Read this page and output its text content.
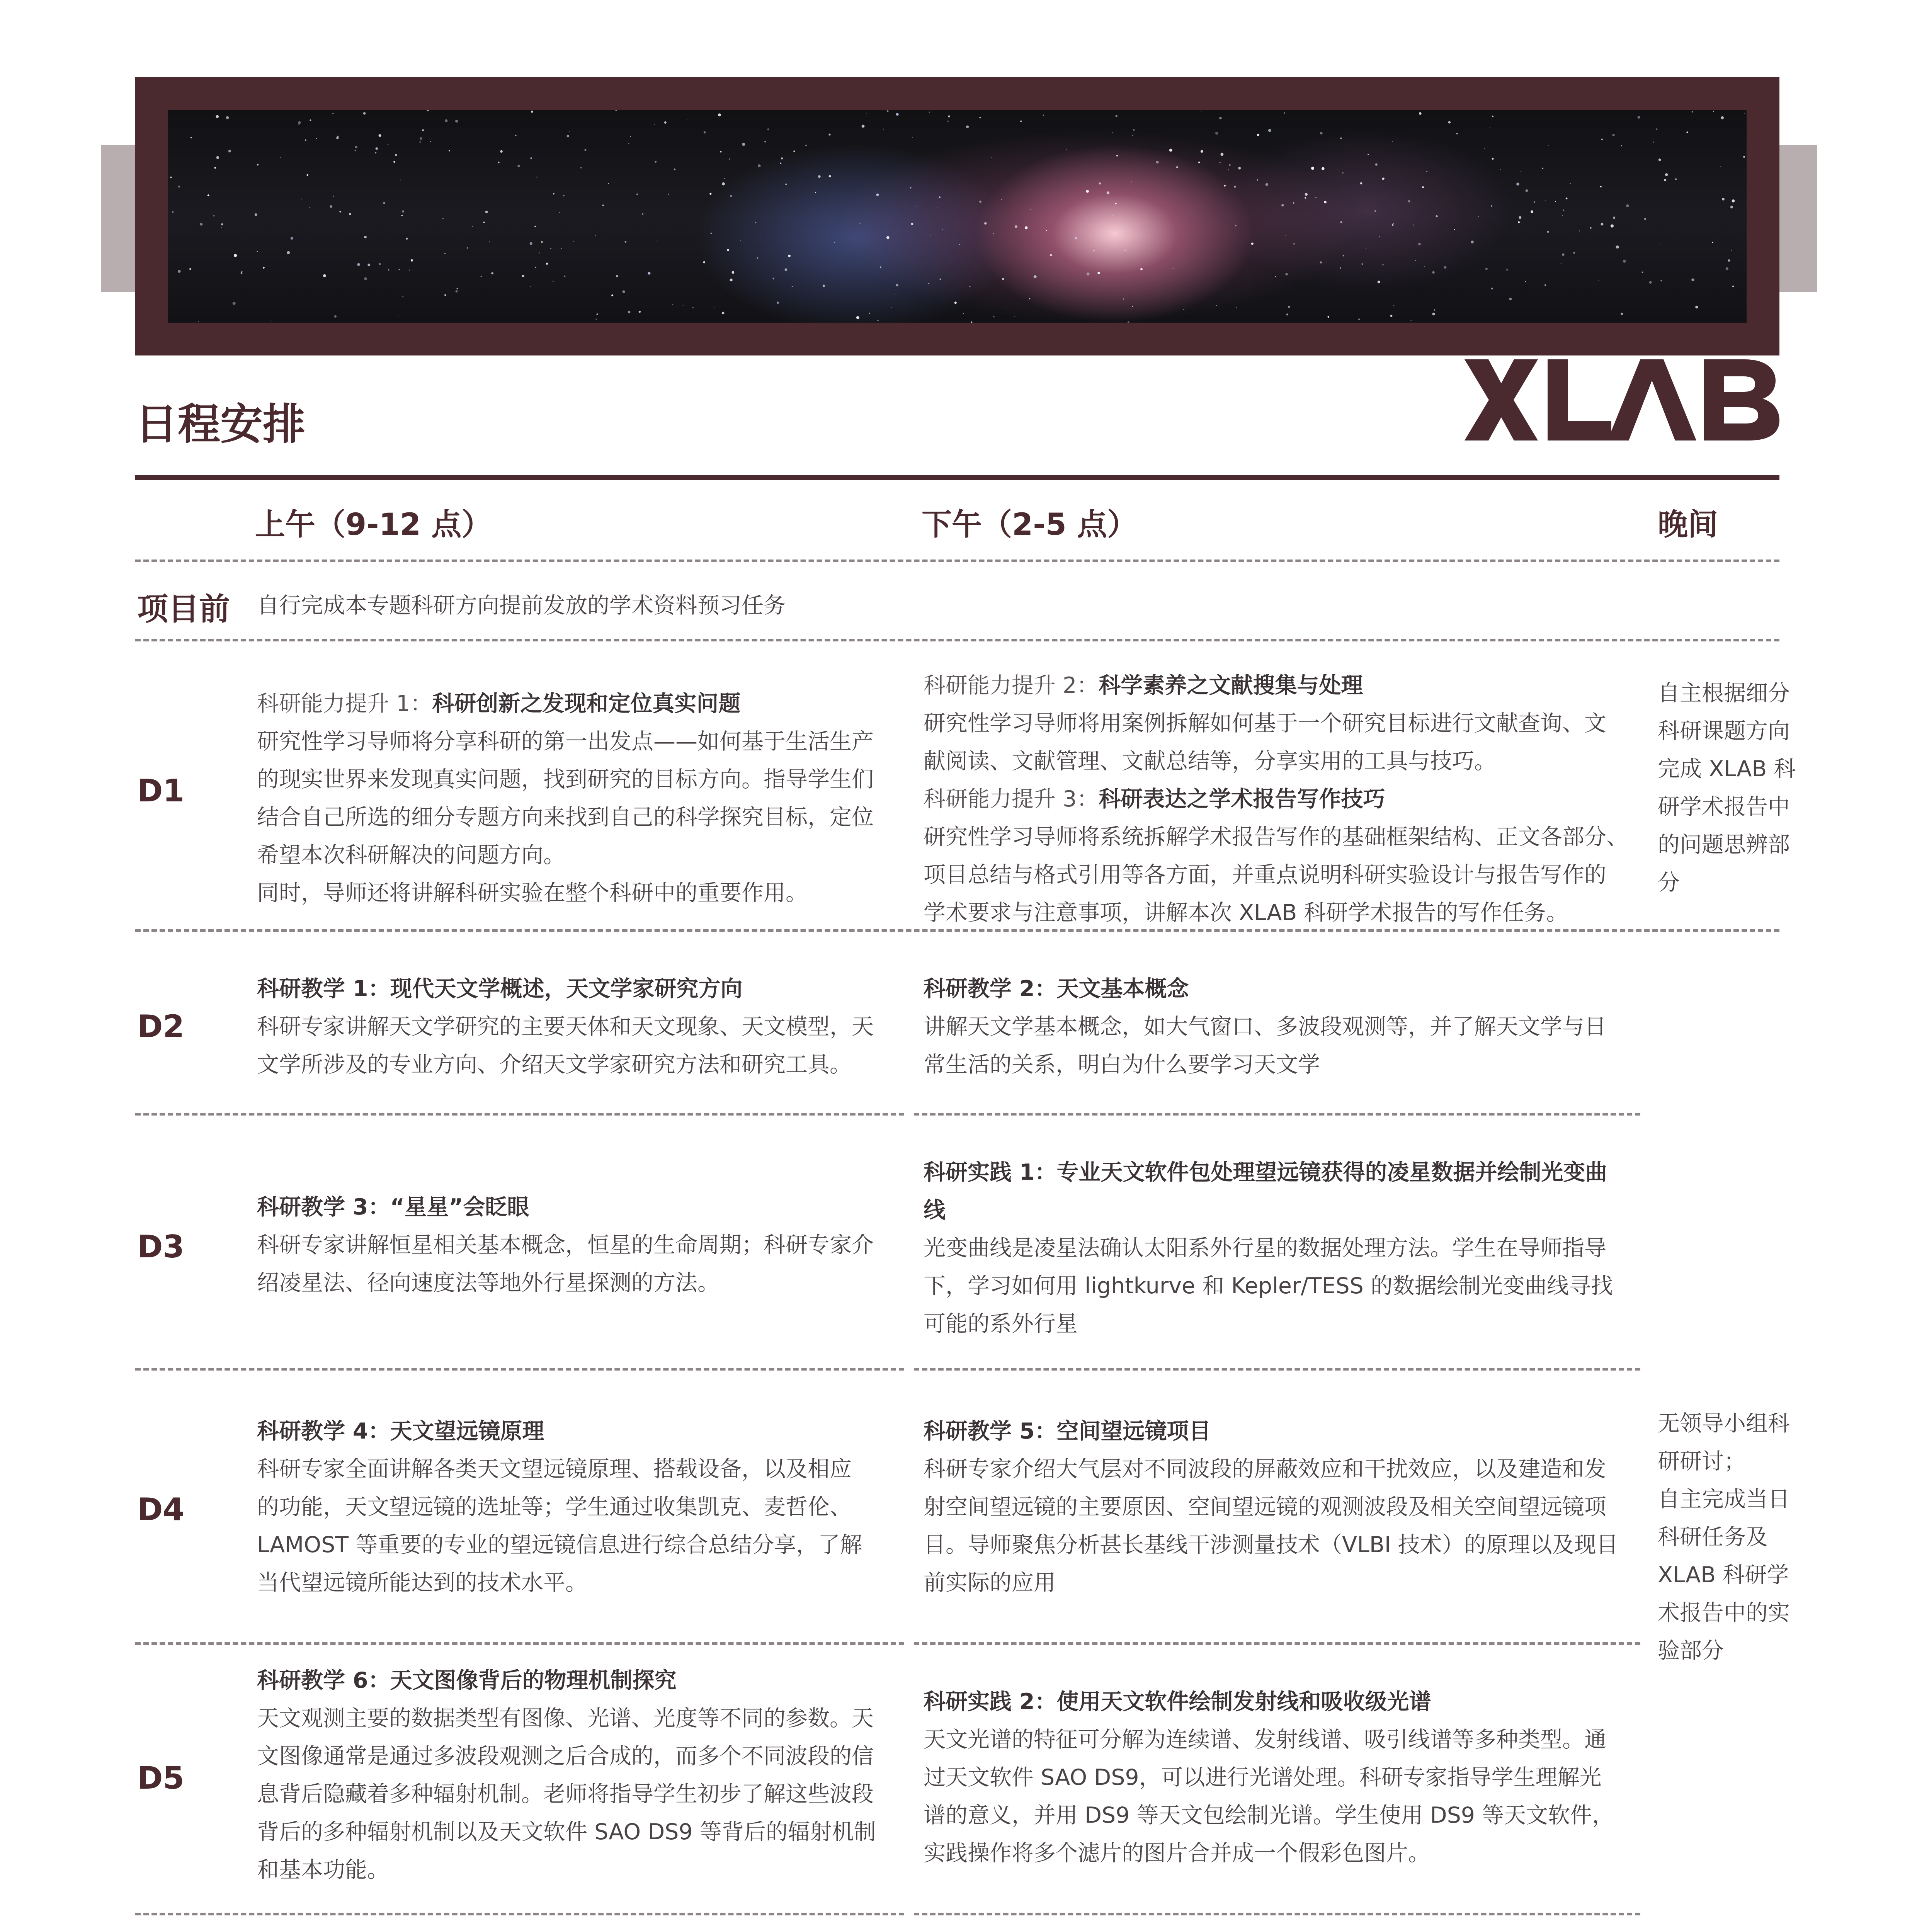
日程安排
上午（9-12 点）	下午（2-5 点）	晚间
项目前 自行完成本专题科研方向提前发放的学术资料预习任务
D1
科研能力提升 1：科研创新之发现和定位真实问题
研究性学习导师将分享科研的第一出发点——如何基于生活生产
的现实世界来发现真实问题，找到研究的目标方向。指导学生们
结合自己所选的细分专题方向来找到自己的科学探究目标，定位
希望本次科研解决的问题方向。
同时，导师还将讲解科研实验在整个科研中的重要作用。
科研能力提升 2：科学素养之文献搜集与处理
研究性学习导师将用案例拆解如何基于一个研究目标进行文献查询、文
献阅读、文献管理、文献总结等，分享实用的工具与技巧。
科研能力提升 3：科研表达之学术报告写作技巧
研究性学习导师将系统拆解学术报告写作的基础框架结构、正文各部分、
项目总结与格式引用等各方面，并重点说明科研实验设计与报告写作的
学术要求与注意事项，讲解本次 XLAB 科研学术报告的写作任务。
自主根据细分
科研课题方向
完成 XLAB 科
研学术报告中
的问题思辨部
分
D2
科研教学 1：现代天文学概述，天文学家研究方向
科研专家讲解天文学研究的主要天体和天文现象、天文模型，天
文学所涉及的专业方向、介绍天文学家研究方法和研究工具。
科研教学 2：天文基本概念
讲解天文学基本概念，如大气窗口、多波段观测等，并了解天文学与日
常生活的关系，明白为什么要学习天文学
D3
科研教学 3：“星星”会眨眼
科研专家讲解恒星相关基本概念，恒星的生命周期；科研专家介
绍凌星法、径向速度法等地外行星探测的方法。
科研实践 1：专业天文软件包处理望远镜获得的凌星数据并绘制光变曲
线
光变曲线是凌星法确认太阳系外行星的数据处理方法。学生在导师指导
下，学习如何用 lightkurve 和 Kepler/TESS 的数据绘制光变曲线寻找
可能的系外行星
D4
科研教学 4：天文望远镜原理
科研专家全面讲解各类天文望远镜原理、搭载设备，以及相应
的功能，天文望远镜的选址等；学生通过收集凯克、麦哲伦、
LAMOST 等重要的专业的望远镜信息进行综合总结分享，了解
当代望远镜所能达到的技术水平。
科研教学 5：空间望远镜项目
科研专家介绍大气层对不同波段的屏蔽效应和干扰效应，以及建造和发
射空间望远镜的主要原因、空间望远镜的观测波段及相关空间望远镜项
目。导师聚焦分析甚长基线干涉测量技术（VLBI 技术）的原理以及现目
前实际的应用
无领导小组科
研研讨；
自主完成当日
科研任务及
XLAB 科研学
术报告中的实
验部分
D5
科研教学 6：天文图像背后的物理机制探究
天文观测主要的数据类型有图像、光谱、光度等不同的参数。天
文图像通常是通过多波段观测之后合成的，而多个不同波段的信
息背后隐藏着多种辐射机制。老师将指导学生初步了解这些波段
背后的多种辐射机制以及天文软件 SAO DS9 等背后的辐射机制
和基本功能。
科研实践 2：使用天文软件绘制发射线和吸收级光谱
天文光谱的特征可分解为连续谱、发射线谱、吸引线谱等多种类型。通
过天文软件 SAO DS9，可以进行光谱处理。科研专家指导学生理解光
谱的意义，并用 DS9 等天文包绘制光谱。学生使用 DS9 等天文软件，
实践操作将多个滤片的图片合并成一个假彩色图片。
